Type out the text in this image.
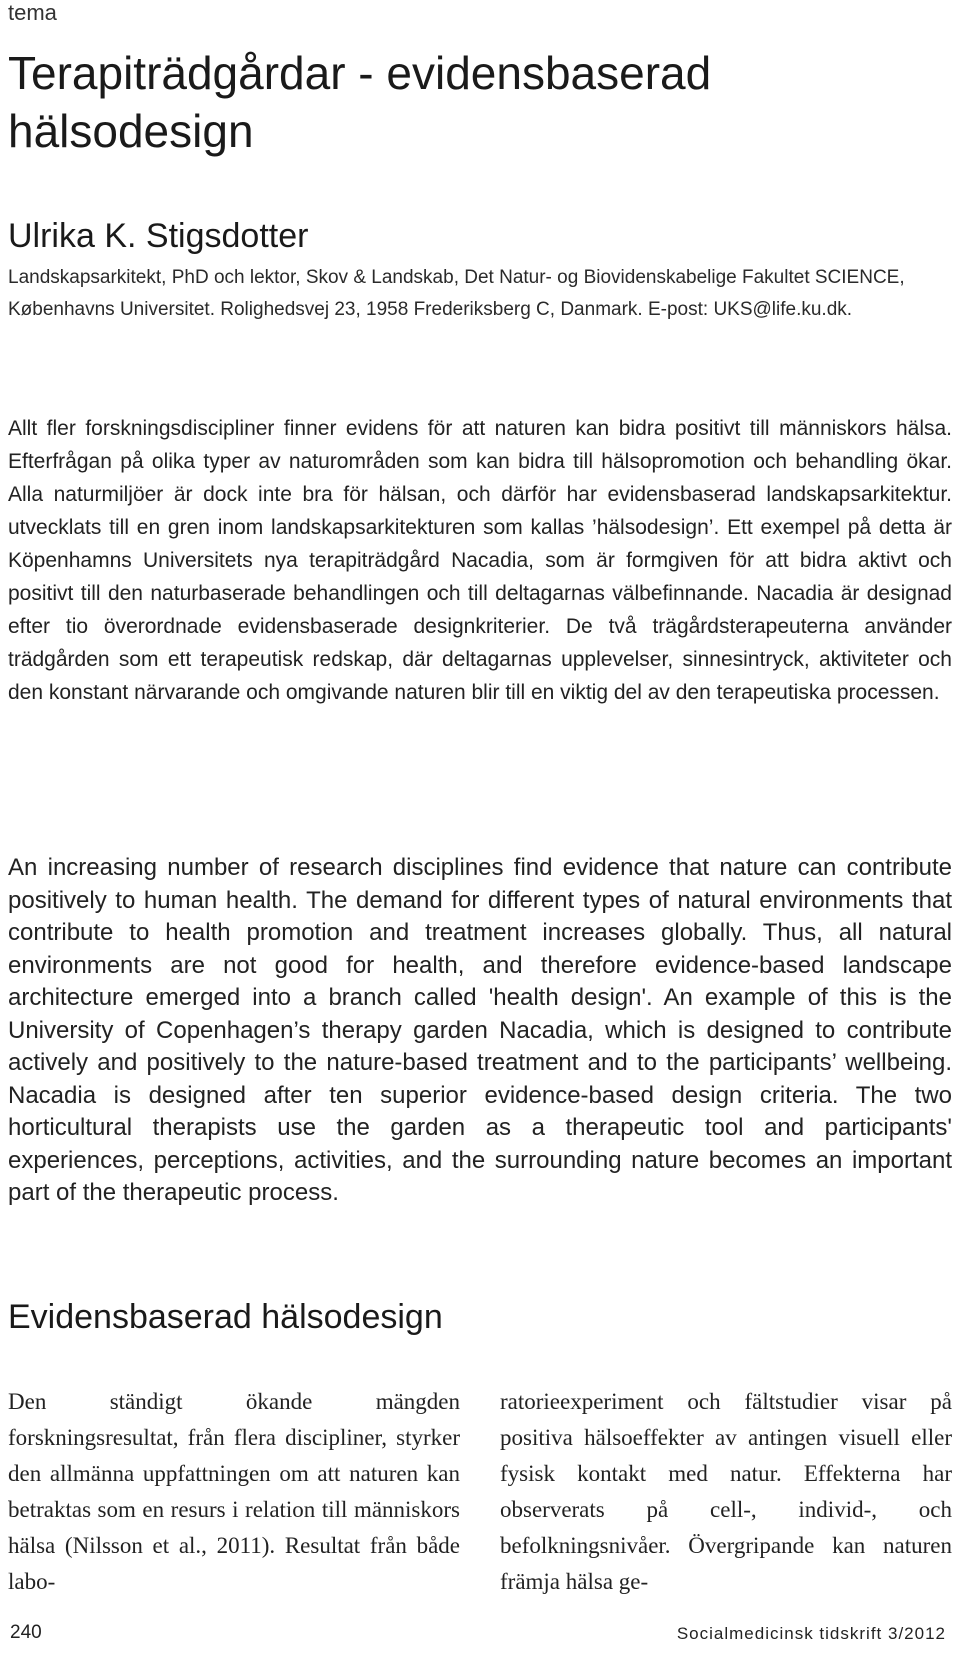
tema
Terapiträdgårdar - evidensbaserad hälsodesign
Ulrika K. Stigsdotter
Landskapsarkitekt, PhD och lektor, Skov & Landskab, Det Natur- og Biovidenskabelige Fakultet SCIENCE, Københavns Universitet. Rolighedsvej 23, 1958 Frederiksberg C, Danmark. E-post: UKS@life.ku.dk.
Allt fler forskningsdiscipliner finner evidens för att naturen kan bidra positivt till människors hälsa. Efterfrågan på olika typer av naturområden som kan bidra till hälsopromotion och behandling ökar. Alla naturmiljöer är dock inte bra för hälsan, och därför har evidensbaserad landskapsarkitektur. utvecklats till en gren inom landskapsarkitekturen som kallas ’hälsodesign’. Ett exempel på detta är Köpenhamns Universitets nya terapiträdgård Nacadia, som är formgiven för att bidra aktivt och positivt till den naturbaserade behandlingen och till deltagarnas välbefinnande. Nacadia är designad efter tio överordnade evidensbaserade designkriterier. De två trägårdsterapeuterna använder trädgården som ett terapeutisk redskap, där deltagarnas upplevelser, sinnesintryck, aktiviteter och den konstant närvarande och omgivande naturen blir till en viktig del av den terapeutiska processen.
An increasing number of research disciplines find evidence that nature can contribute positively to human health. The demand for different types of natural environments that contribute to health promotion and treatment increases globally. Thus, all natural environments are not good for health, and therefore evidence-based landscape architecture emerged into a branch called 'health design'. An example of this is the University of Copenhagen’s therapy garden Nacadia, which is designed to contribute actively and positively to the nature-based treatment and to the participants’ wellbeing. Nacadia is designed after ten superior evidence-based design criteria. The two horticultural therapists use the garden as a therapeutic tool and participants' experiences, perceptions, activities, and the surrounding nature becomes an important part of the therapeutic process.
Evidensbaserad hälsodesign
Den ständigt ökande mängden forskningsresultat, från flera discipliner, styrker den allmänna uppfattningen om att naturen kan betraktas som en resurs i relation till människors hälsa (Nilsson et al., 2011). Resultat från både labo-
ratorieexperiment och fältstudier visar på positiva hälsoeffekter av antingen visuell eller fysisk kontakt med natur. Effekterna har observerats på cell-, individ-, och befolkningsnivåer. Övergripande kan naturen främja hälsa ge-
240	Socialmedicinsk tidskrift 3/2012
